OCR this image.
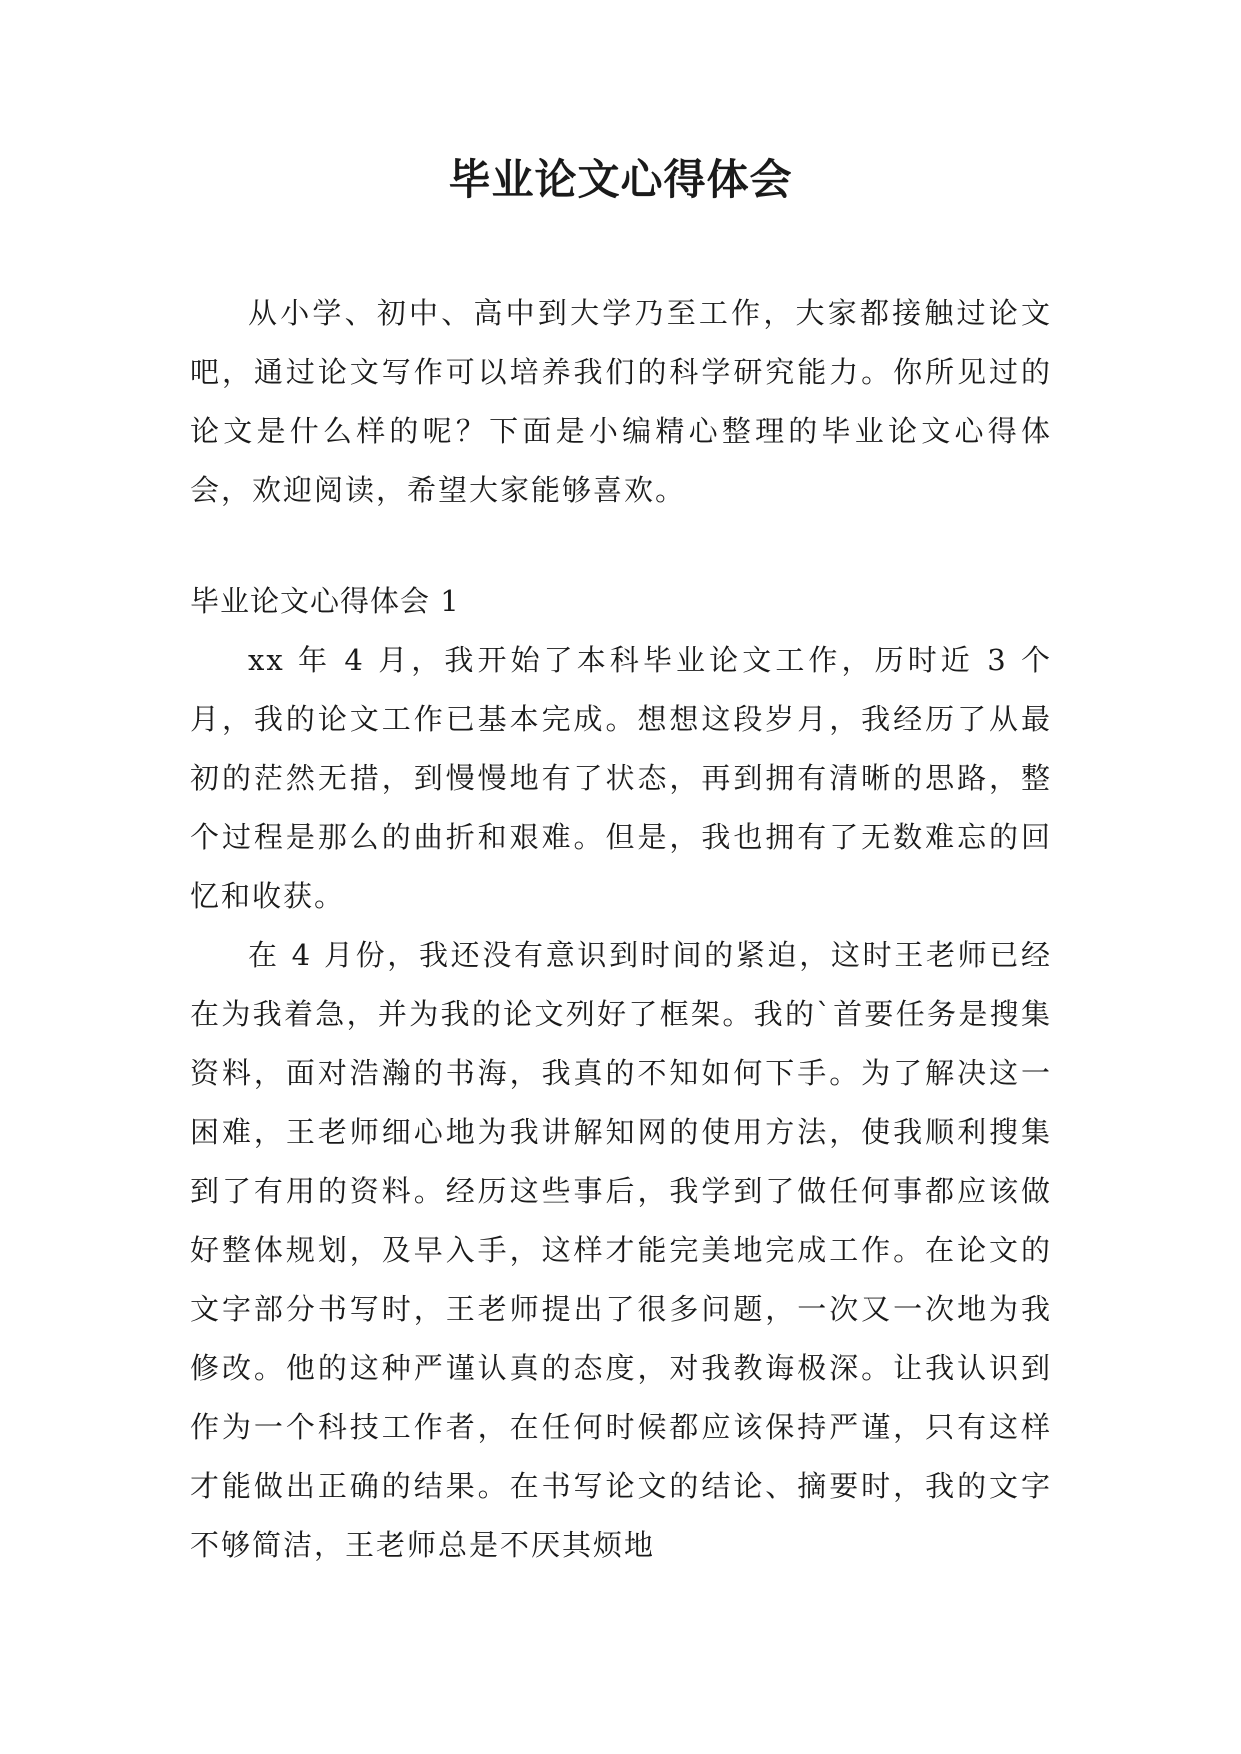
毕业论文心得体会

从小学、初中、高中到大学乃至工作，大家都接触过论文吧，通过论文写作可以培养我们的科学研究能力。你所见过的论文是什么样的呢？下面是小编精心整理的毕业论文心得体会，欢迎阅读，希望大家能够喜欢。

毕业论文心得体会 1

xx 年 4 月，我开始了本科毕业论文工作，历时近 3 个月，我的论文工作已基本完成。想想这段岁月，我经历了从最初的茫然无措，到慢慢地有了状态，再到拥有清晰的思路，整个过程是那么的曲折和艰难。但是，我也拥有了无数难忘的回忆和收获。

在 4 月份，我还没有意识到时间的紧迫，这时王老师已经在为我着急，并为我的论文列好了框架。我的`首要任务是搜集资料，面对浩瀚的书海，我真的不知如何下手。为了解决这一困难，王老师细心地为我讲解知网的使用方法，使我顺利搜集到了有用的资料。经历这些事后，我学到了做任何事都应该做好整体规划，及早入手，这样才能完美地完成工作。在论文的文字部分书写时，王老师提出了很多问题，一次又一次地为我修改。他的这种严谨认真的态度，对我教诲极深。让我认识到作为一个科技工作者，在任何时候都应该保持严谨，只有这样才能做出正确的结果。在书写论文的结论、摘要时，我的文字不够简洁，王老师总是不厌其烦地
